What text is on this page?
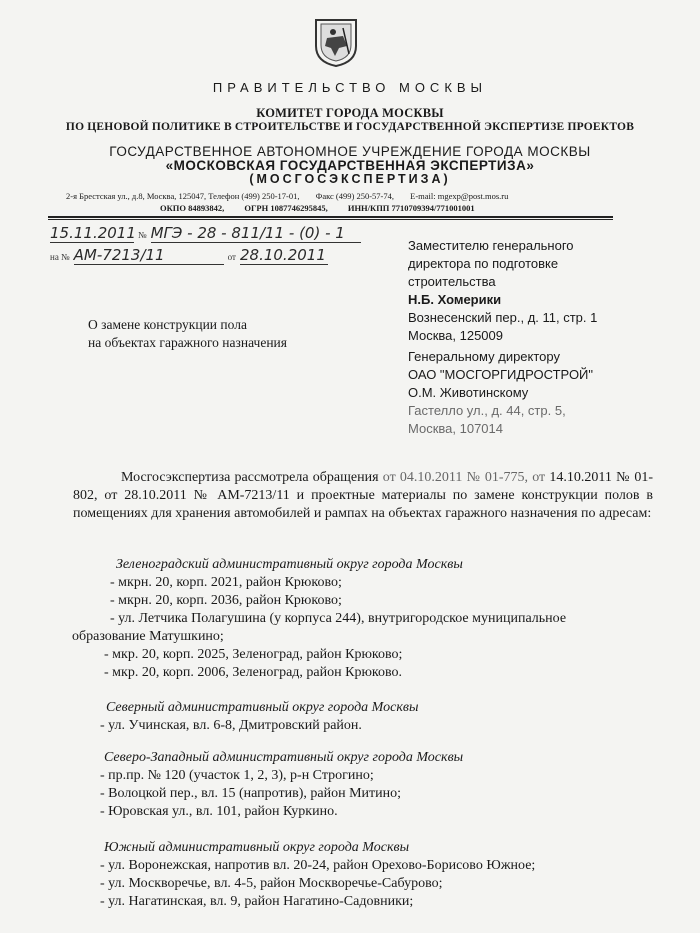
ПРАВИТЕЛЬСТВО МОСКВЫ
КОМИТЕТ ГОРОДА МОСКВЫ
ПО ЦЕНОВОЙ ПОЛИТИКЕ В СТРОИТЕЛЬСТВЕ И ГОСУДАРСТВЕННОЙ ЭКСПЕРТИЗЕ ПРОЕКТОВ
ГОСУДАРСТВЕННОЕ АВТОНОМНОЕ УЧРЕЖДЕНИЕ ГОРОДА МОСКВЫ
«МОСКОВСКАЯ ГОСУДАРСТВЕННАЯ ЭКСПЕРТИЗА»
(МОСГОСЭКСПЕРТИЗА)
2-я Брестская ул., д.8, Москва, 125047, Телефон (499) 250-17-01, Факс (499) 250-57-74, E-mail: mgexp@post.mos.ru
ОКПО 84893842, ОГРН 1087746295845, ИНН/КПП 7710709394/771001001
15.11.2011 № МГЭ - 28 - 811/11 - (0) - 1
на № АМ-7213/11	от 28.10.2011
Заместителю генерального
директора по подготовке
строительства
Н.Б. Хомерики
Вознесенский пер., д. 11, стр. 1
Москва, 125009
Генеральному директору
ОАО "МОСГОРГИДРОСТРОЙ"
О.М. Животинскому
Гастелло ул., д. 44, стр. 5,
Москва, 107014
О замене конструкции пола
на объектах гаражного назначения
Мосгосэкспертиза рассмотрела обращения от 04.10.2011 № 01-775, от 14.10.2011 № 01-802, от 28.10.2011 № АМ-7213/11 и проектные материалы по замене конструкции полов в помещениях для хранения автомобилей и рампах на объектах гаражного назначения по адресам:
Зеленоградский административный округ города Москвы
- мкрн. 20, корп. 2021, район Крюково;
- мкрн. 20, корп. 2036, район Крюково;
- ул. Летчика Полагушина (у корпуса 244), внутригородское муниципальное
образование Матушкино;
- мкр. 20, корп. 2025, Зеленоград, район Крюково;
- мкр. 20, корп. 2006, Зеленоград, район Крюково.
Северный административный округ города Москвы
- ул. Учинская, вл. 6-8, Дмитровский район.
Северо-Западный административный округ города Москвы
- пр.пр. № 120 (участок 1, 2, 3), р-н Строгино;
- Волоцкой пер., вл. 15 (напротив), район Митино;
- Юровская ул., вл. 101, район Куркино.
Южный административный округ города Москвы
- ул. Воронежская, напротив вл. 20-24, район Орехово-Борисово Южное;
- ул. Москворечье, вл. 4-5, район Москворечье-Сабурово;
- ул. Нагатинская, вл. 9, район Нагатино-Садовники;
